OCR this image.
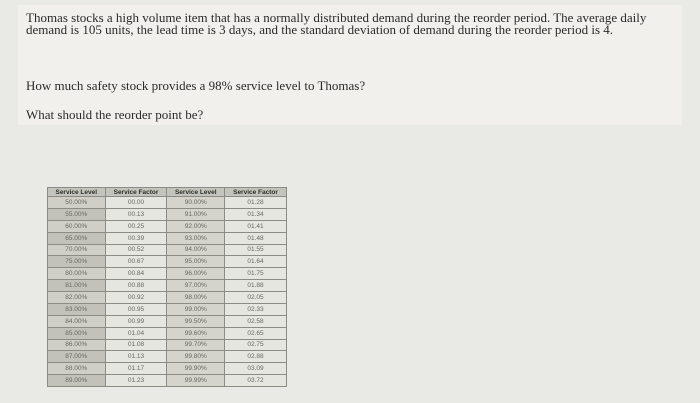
Thomas stocks a high volume item that has a normally distributed demand during the reorder period. The average daily demand is 105 units, the lead time is 3 days, and the standard deviation of demand during the reorder period is 4.
How much safety stock provides a 98% service level to Thomas?
What should the reorder point be?
Service Level	Service Factor	Service Level	Service Factor
50.00%	00.00	90.00%	01.28
55.00%	00.13	91.00%	01.34
60.00%	00.25	92.00%	01.41
65.00%	00.39	93.00%	01.48
70.00%	00.52	94.00%	01.55
75.00%	00.67	95.00%	01.64
80.00%	00.84	96.00%	01.75
81.00%	00.88	97.00%	01.88
82.00%	00.92	98.00%	02.05
83.00%	00.95	99.00%	02.33
84.00%	00.99	99.50%	02.58
85.00%	01.04	99.60%	02.65
86.00%	01.08	99.70%	02.75
87.00%	01.13	99.80%	02.88
88.00%	01.17	99.90%	03.09
89.00%	01.23	99.99%	03.72
